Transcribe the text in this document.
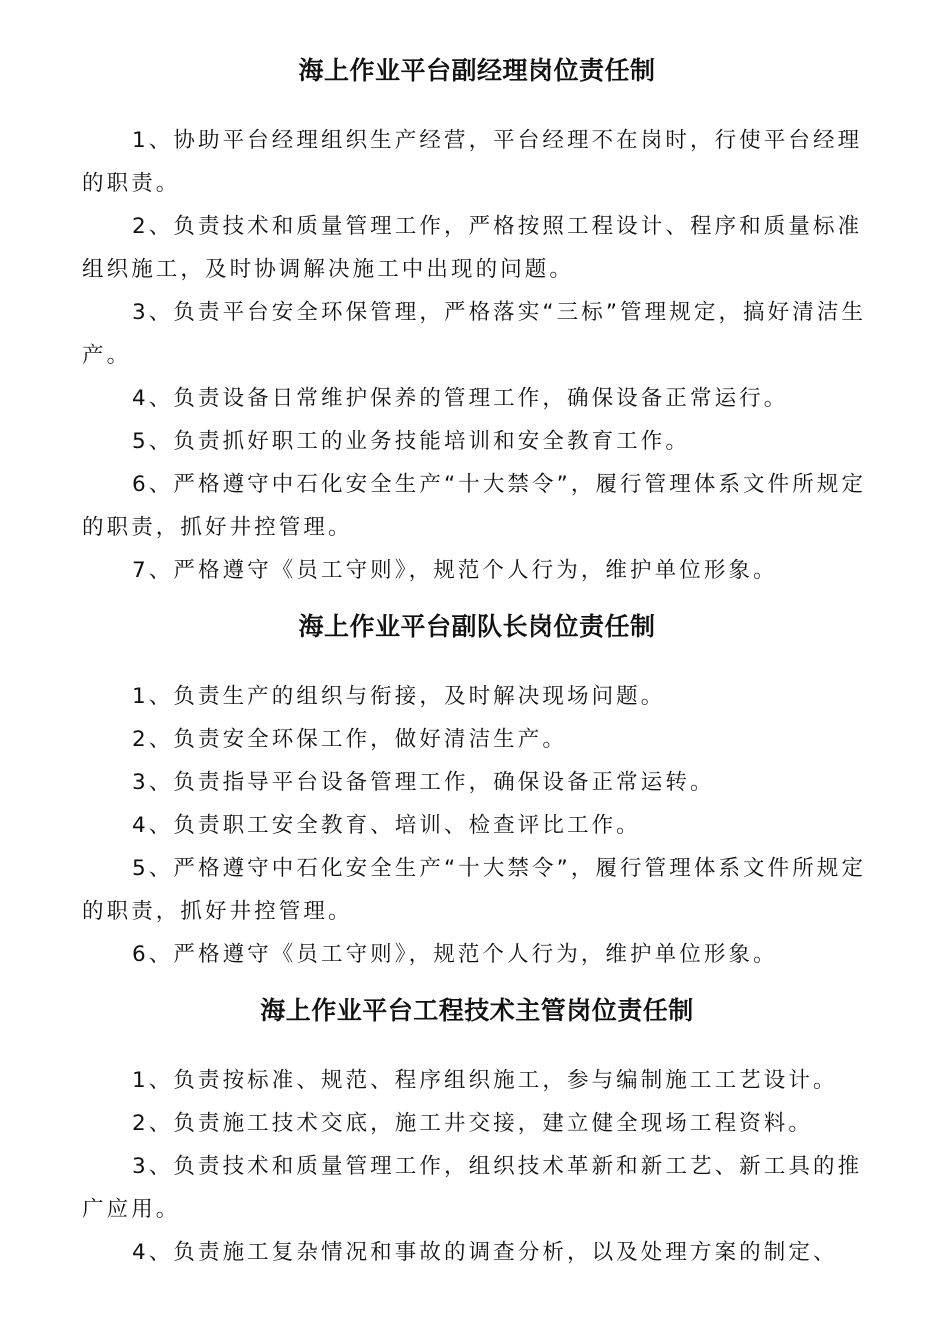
海上作业平台副经理岗位责任制

1、协助平台经理组织生产经营，平台经理不在岗时，行使平台经理的职责。

2、负责技术和质量管理工作，严格按照工程设计、程序和质量标准组织施工，及时协调解决施工中出现的问题。

3、负责平台安全环保管理，严格落实“三标”管理规定，搞好清洁生产。

4、负责设备日常维护保养的管理工作，确保设备正常运行。

5、负责抓好职工的业务技能培训和安全教育工作。

6、严格遵守中石化安全生产“十大禁令”，履行管理体系文件所规定的职责，抓好井控管理。

7、严格遵守《员工守则》，规范个人行为，维护单位形象。

海上作业平台副队长岗位责任制

1、负责生产的组织与衔接，及时解决现场问题。

2、负责安全环保工作，做好清洁生产。

3、负责指导平台设备管理工作，确保设备正常运转。

4、负责职工安全教育、培训、检查评比工作。

5、严格遵守中石化安全生产“十大禁令”，履行管理体系文件所规定的职责，抓好井控管理。

6、严格遵守《员工守则》，规范个人行为，维护单位形象。

海上作业平台工程技术主管岗位责任制

1、负责按标准、规范、程序组织施工，参与编制施工工艺设计。

2、负责施工技术交底，施工井交接，建立健全现场工程资料。

3、负责技术和质量管理工作，组织技术革新和新工艺、新工具的推广应用。

4、负责施工复杂情况和事故的调查分析，以及处理方案的制定、
